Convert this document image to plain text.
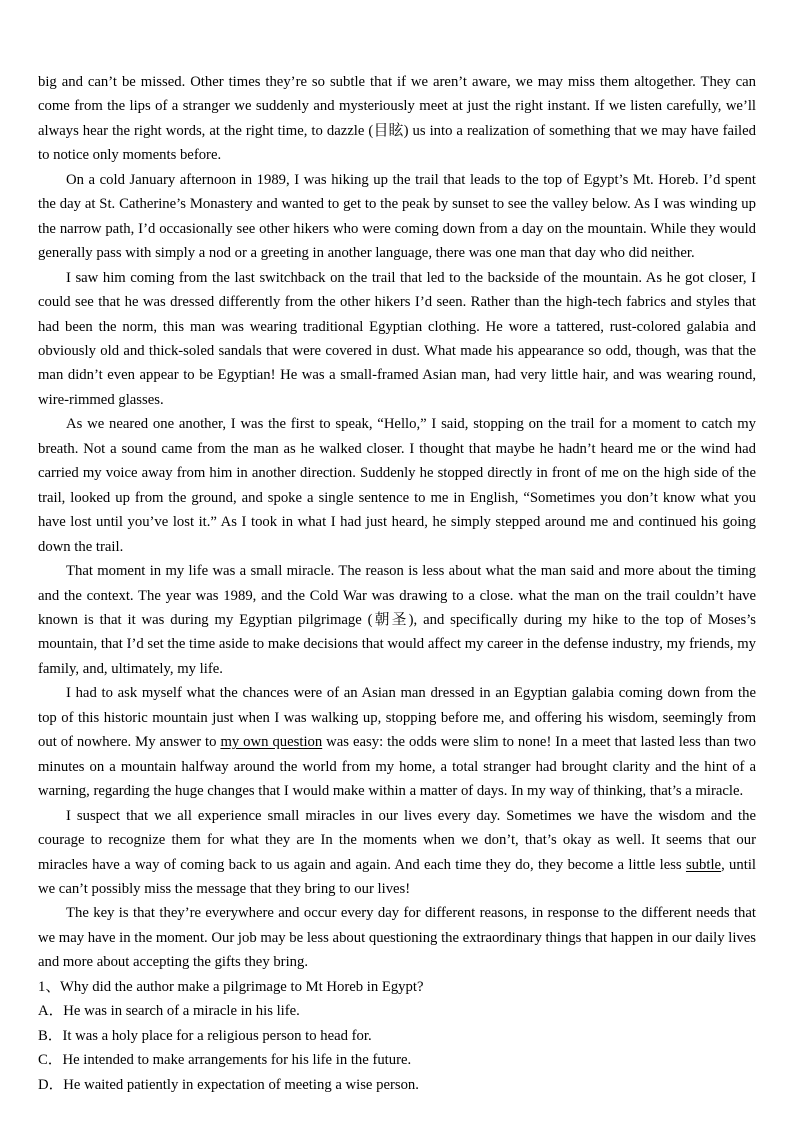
big and can’t be missed. Other times they’re so subtle that if we aren’t aware, we may miss them altogether. They can come from the lips of a stranger we suddenly and mysteriously meet at just the right instant. If we listen carefully, we’ll always hear the right words, at the right time, to dazzle (目眩) us into a realization of something that we may have failed to notice only moments before.

On a cold January afternoon in 1989, I was hiking up the trail that leads to the top of Egypt’s Mt. Horeb. I’d spent the day at St. Catherine’s Monastery and wanted to get to the peak by sunset to see the valley below. As I was winding up the narrow path, I’d occasionally see other hikers who were coming down from a day on the mountain. While they would generally pass with simply a nod or a greeting in another language, there was one man that day who did neither.

I saw him coming from the last switchback on the trail that led to the backside of the mountain. As he got closer, I could see that he was dressed differently from the other hikers I’d seen. Rather than the high-tech fabrics and styles that had been the norm, this man was wearing traditional Egyptian clothing. He wore a tattered, rust-colored galabia and obviously old and thick-soled sandals that were covered in dust. What made his appearance so odd, though, was that the man didn’t even appear to be Egyptian! He was a small-framed Asian man, had very little hair, and was wearing round, wire-rimmed glasses.

As we neared one another, I was the first to speak, “Hello,” I said, stopping on the trail for a moment to catch my breath. Not a sound came from the man as he walked closer. I thought that maybe he hadn’t heard me or the wind had carried my voice away from him in another direction. Suddenly he stopped directly in front of me on the high side of the trail, looked up from the ground, and spoke a single sentence to me in English, “Sometimes you don’t know what you have lost until you’ve lost it.” As I took in what I had just heard, he simply stepped around me and continued his going down the trail.

That moment in my life was a small miracle. The reason is less about what the man said and more about the timing and the context. The year was 1989, and the Cold War was drawing to a close. what the man on the trail couldn’t have known is that it was during my Egyptian pilgrimage (朝圣), and specifically during my hike to the top of Moses’s mountain, that I’d set the time aside to make decisions that would affect my career in the defense industry, my friends, my family, and, ultimately, my life.

I had to ask myself what the chances were of an Asian man dressed in an Egyptian galabia coming down from the top of this historic mountain just when I was walking up, stopping before me, and offering his wisdom, seemingly from out of nowhere. My answer to my own question was easy: the odds were slim to none! In a meet that lasted less than two minutes on a mountain halfway around the world from my home, a total stranger had brought clarity and the hint of a warning, regarding the huge changes that I would make within a matter of days. In my way of thinking, that’s a miracle.

I suspect that we all experience small miracles in our lives every day. Sometimes we have the wisdom and the courage to recognize them for what they are In the moments when we don’t, that’s okay as well. It seems that our miracles have a way of coming back to us again and again. And each time they do, they become a little less subtle, until we can’t possibly miss the message that they bring to our lives!

The key is that they’re everywhere and occur every day for different reasons, in response to the different needs that we may have in the moment. Our job may be less about questioning the extraordinary things that happen in our daily lives and more about accepting the gifts they bring.

1、Why did the author make a pilgrimage to Mt Horeb in Egypt?
A．He was in search of a miracle in his life.
B．It was a holy place for a religious person to head for.
C．He intended to make arrangements for his life in the future.
D．He waited patiently in expectation of meeting a wise person.
